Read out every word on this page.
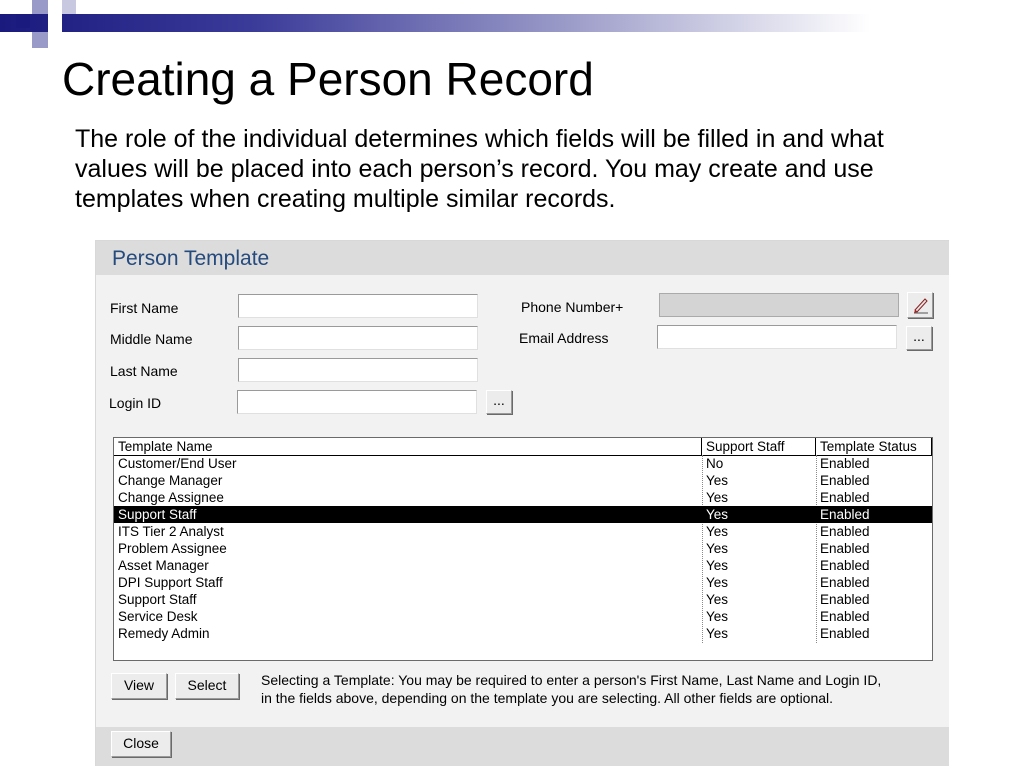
Creating a Person Record
The role of the individual determines which fields will be filled in and what values will be placed into each person’s record. You may create and use templates when creating multiple similar records.
Person Template
First Name
Middle Name
Last Name
Login ID	...
Phone Number+
Email Address	...
Template Name	Support Staff	Template Status
Customer/End User	No	Enabled
Change Manager	Yes	Enabled
Change Assignee	Yes	Enabled
Support Staff	Yes	Enabled
ITS Tier 2 Analyst	Yes	Enabled
Problem Assignee	Yes	Enabled
Asset Manager	Yes	Enabled
DPI Support Staff	Yes	Enabled
Support Staff	Yes	Enabled
Service Desk	Yes	Enabled
Remedy Admin	Yes	Enabled
View	Select	Selecting a Template: You may be required to enter a person's First Name, Last Name and Login ID,
in the fields above, depending on the template you are selecting. All other fields are optional.
Close
